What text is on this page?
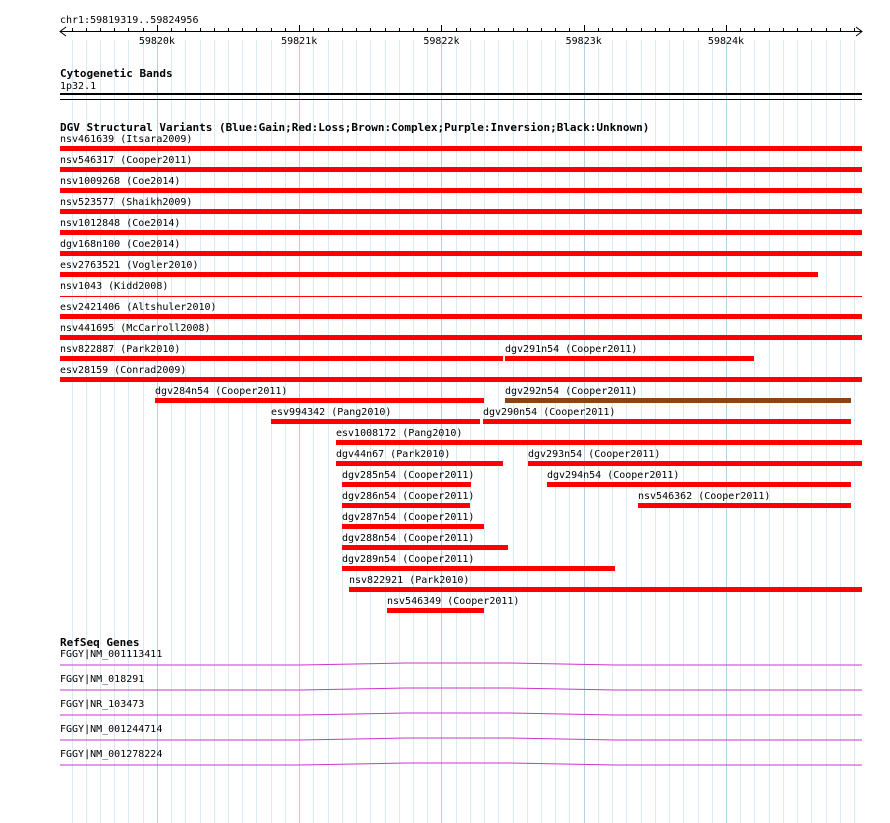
chr1:59819319..59824956
59820k	59821k	59822k	59823k	59824k
Cytogenetic Bands
1p32.1
DGV Structural Variants (Blue:Gain;Red:Loss;Brown:Complex;Purple:Inversion;Black:Unknown)
nsv461639 (Itsara2009)
nsv546317 (Cooper2011)
nsv1009268 (Coe2014)
nsv523577 (Shaikh2009)
nsv1012848 (Coe2014)
dgv168n100 (Coe2014)
esv2763521 (Vogler2010)
nsv1043 (Kidd2008)
esv2421406 (Altshuler2010)
nsv441695 (McCarroll2008)
nsv822887 (Park2010)	dgv291n54 (Cooper2011)
esv28159 (Conrad2009)
dgv284n54 (Cooper2011)	dgv292n54 (Cooper2011)
esv994342 (Pang2010)	dgv290n54 (Cooper2011)
esv1008172 (Pang2010)
dgv44n67 (Park2010)	dgv293n54 (Cooper2011)
dgv285n54 (Cooper2011)	dgv294n54 (Cooper2011)
dgv286n54 (Cooper2011)	nsv546362 (Cooper2011)
dgv287n54 (Cooper2011)
dgv288n54 (Cooper2011)
dgv289n54 (Cooper2011)
nsv822921 (Park2010)
nsv546349 (Cooper2011)
RefSeq Genes
FGGY|NM_001113411
FGGY|NM_018291
FGGY|NR_103473
FGGY|NM_001244714
FGGY|NM_001278224
